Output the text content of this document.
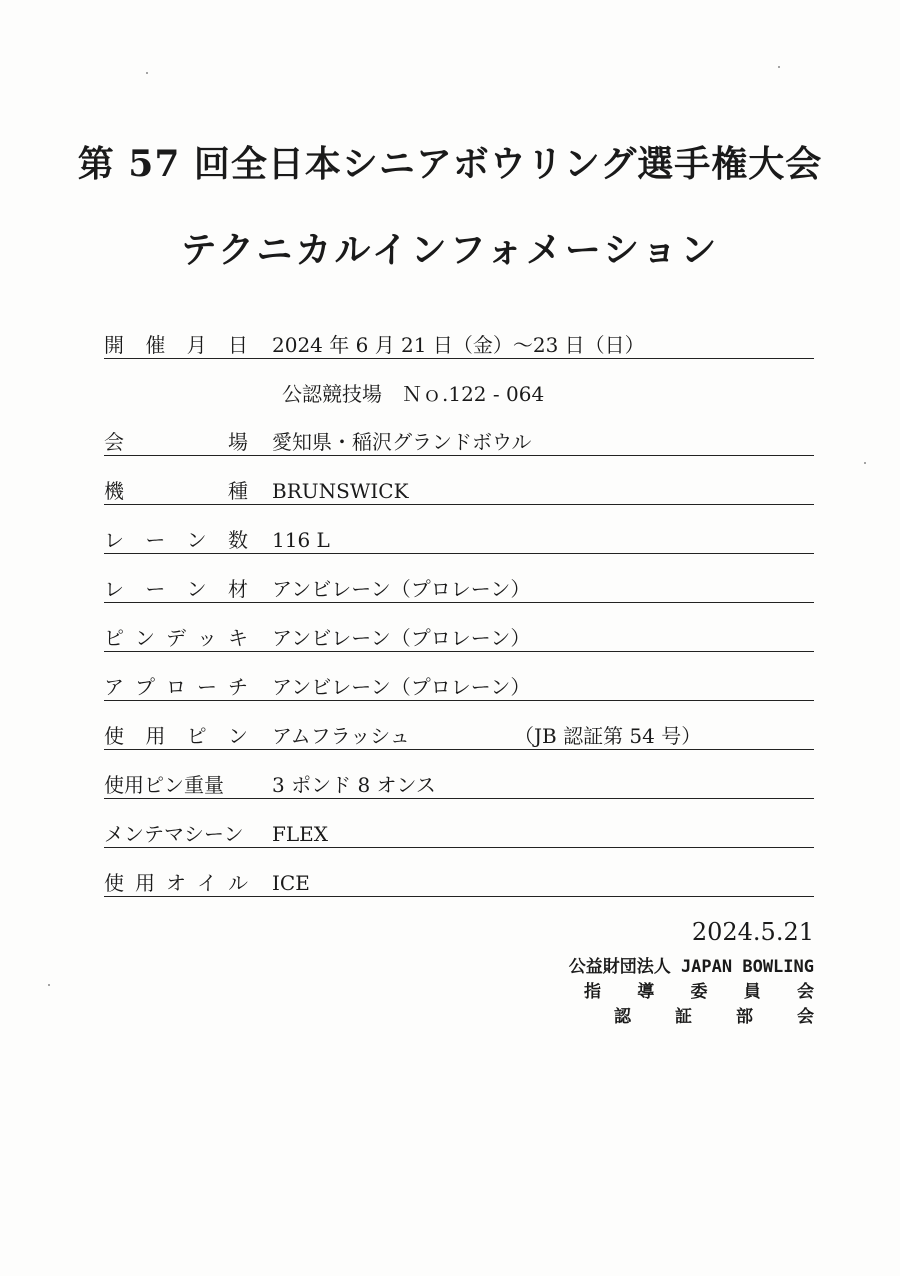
第 57 回全日本シニアボウリング選手権大会
テクニカルインフォメーション
開 催 月 日 2024 年 6 月 21 日（金）～23 日（日）
会	場 愛知県・稲沢グランドボウル
機	種 BRUNSWICK
レ ー ン 数 116 L
レ ー ン 材 アンビレーン（プロレーン）
ピ ン デ ッ キ アンビレーン（プロレーン）
ア プ ロ ー チ アンビレーン（プロレーン）
使 用 ピ ン アムフラッシュ	（JB 認証第 54 号）
使用ピン重量 3 ポンド 8 オンス
メンテマシーン FLEX
使 用 オ イ ル ICE
公認競技場　Ｎｏ.122 - 064
2024.5.21
公益財団法人 JAPAN BOWLING
指 導 委 員 会
認	証	部	会
